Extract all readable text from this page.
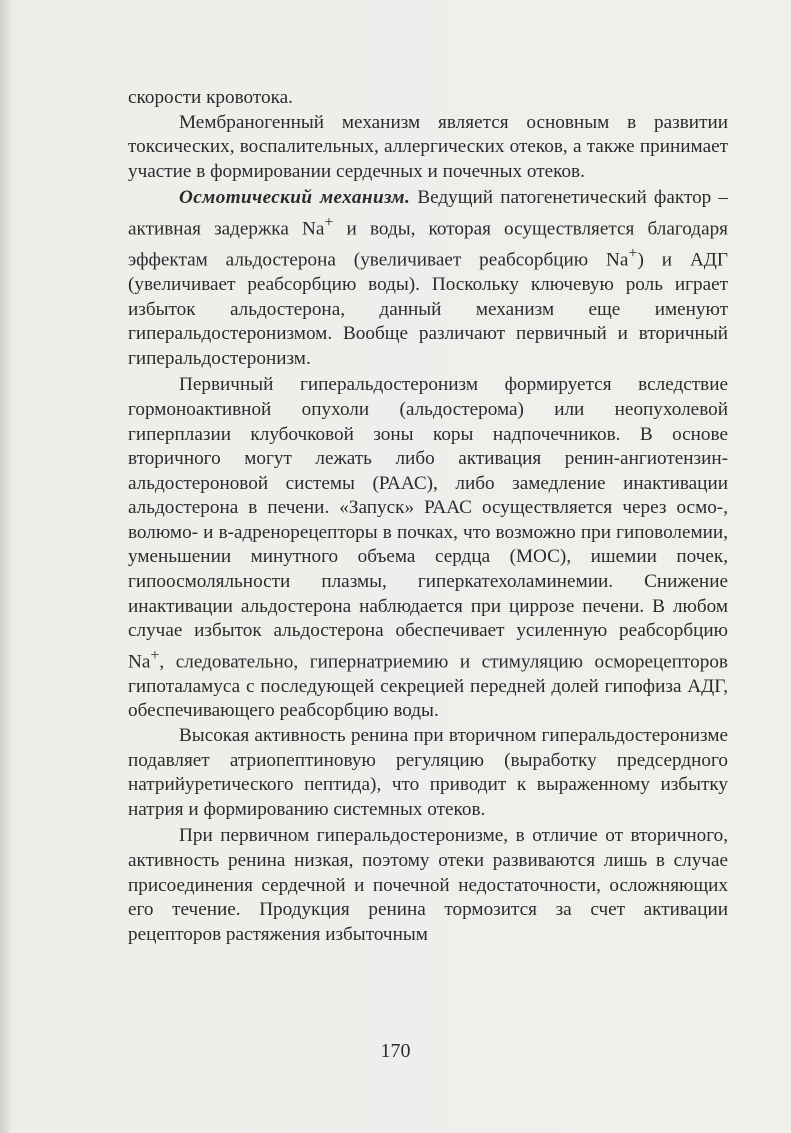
скорости кровотока.

Мембраногенный механизм является основным в развитии токсических, воспалительных, аллергических отеков, а также принимает участие в формировании сердечных и почечных отеков.

Осмотический механизм. Ведущий патогенетический фактор – активная задержка Na+ и воды, которая осуществляется благодаря эффектам альдостерона (увеличивает реабсорбцию Na+) и АДГ (увеличивает реабсорбцию воды). Поскольку ключевую роль играет избыток альдостерона, данный механизм еще именуют гиперальдостеронизмом. Вообще различают первичный и вторичный гиперальдостеронизм.

Первичный гиперальдостеронизм формируется вследствие гормоноактивной опухоли (альдостерома) или неопухолевой гиперплазии клубочковой зоны коры надпочечников. В основе вторичного могут лежать либо активация ренин-ангиотензин-альдостероновой системы (РААС), либо замедление инактивации альдостерона в печени. «Запуск» РААС осуществляется через осмо-, волюмо- и в-адренорецепторы в почках, что возможно при гиповолемии, уменьшении минутного объема сердца (МОС), ишемии почек, гипоосмоляльности плазмы, гиперкатехоламинемии. Снижение инактивации альдостерона наблюдается при циррозе печени. В любом случае избыток альдостерона обеспечивает усиленную реабсорбцию Na+, следовательно, гипернатриемию и стимуляцию осморецепторов гипоталамуса с последующей секрецией передней долей гипофиза АДГ, обеспечивающего реабсорбцию воды.

Высокая активность ренина при вторичном гиперальдостеронизме подавляет атриопептиновую регуляцию (выработку предсердного натрийуретического пептида), что приводит к выраженному избытку натрия и формированию системных отеков.

При первичном гиперальдостеронизме, в отличие от вторичного, активность ренина низкая, поэтому отеки развиваются лишь в случае присоединения сердечной и почечной недостаточности, осложняющих его течение. Продукция ренина тормозится за счет активации рецепторов растяжения избыточным

170
